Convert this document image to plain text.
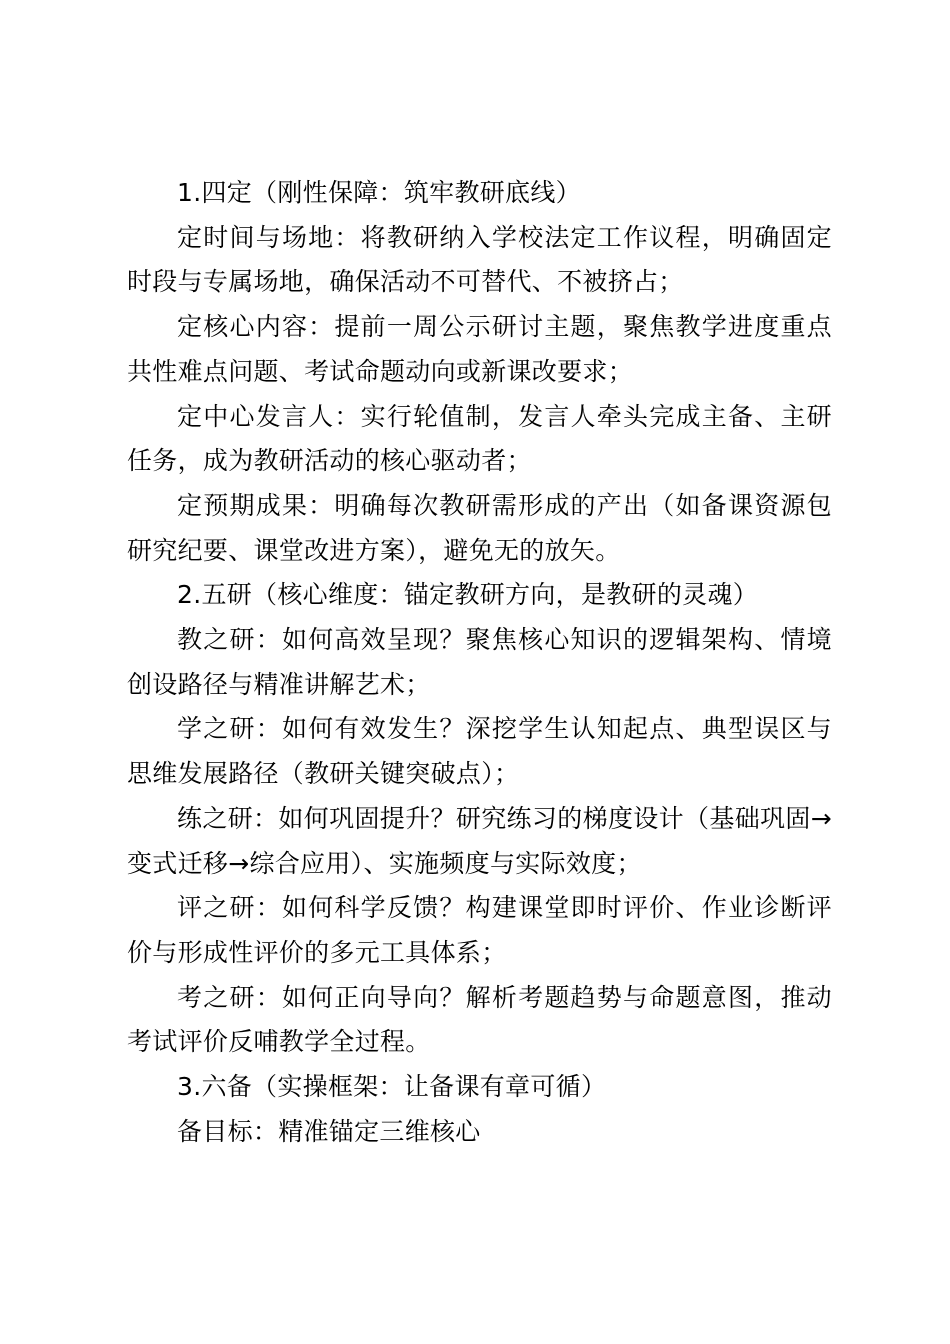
1.四定（刚性保障：筑牢教研底线）

定时间与场地：将教研纳入学校法定工作议程，明确固定时段与专属场地，确保活动不可替代、不被挤占；

定核心内容：提前一周公示研讨主题，聚焦教学进度重点共性难点问题、考试命题动向或新课改要求；

定中心发言人：实行轮值制，发言人牵头完成主备、主研任务，成为教研活动的核心驱动者；

定预期成果：明确每次教研需形成的产出（如备课资源包研究纪要、课堂改进方案），避免无的放矢。

2.五研（核心维度：锚定教研方向，是教研的灵魂）

教之研：如何高效呈现？聚焦核心知识的逻辑架构、情境创设路径与精准讲解艺术；

学之研：如何有效发生？深挖学生认知起点、典型误区与思维发展路径（教研关键突破点）；

练之研：如何巩固提升？研究练习的梯度设计（基础巩固→变式迁移→综合应用）、实施频度与实际效度；

评之研：如何科学反馈？构建课堂即时评价、作业诊断评价与形成性评价的多元工具体系；

考之研：如何正向导向？解析考题趋势与命题意图，推动考试评价反哺教学全过程。

3.六备（实操框架：让备课有章可循）

备目标：精准锚定三维核心
